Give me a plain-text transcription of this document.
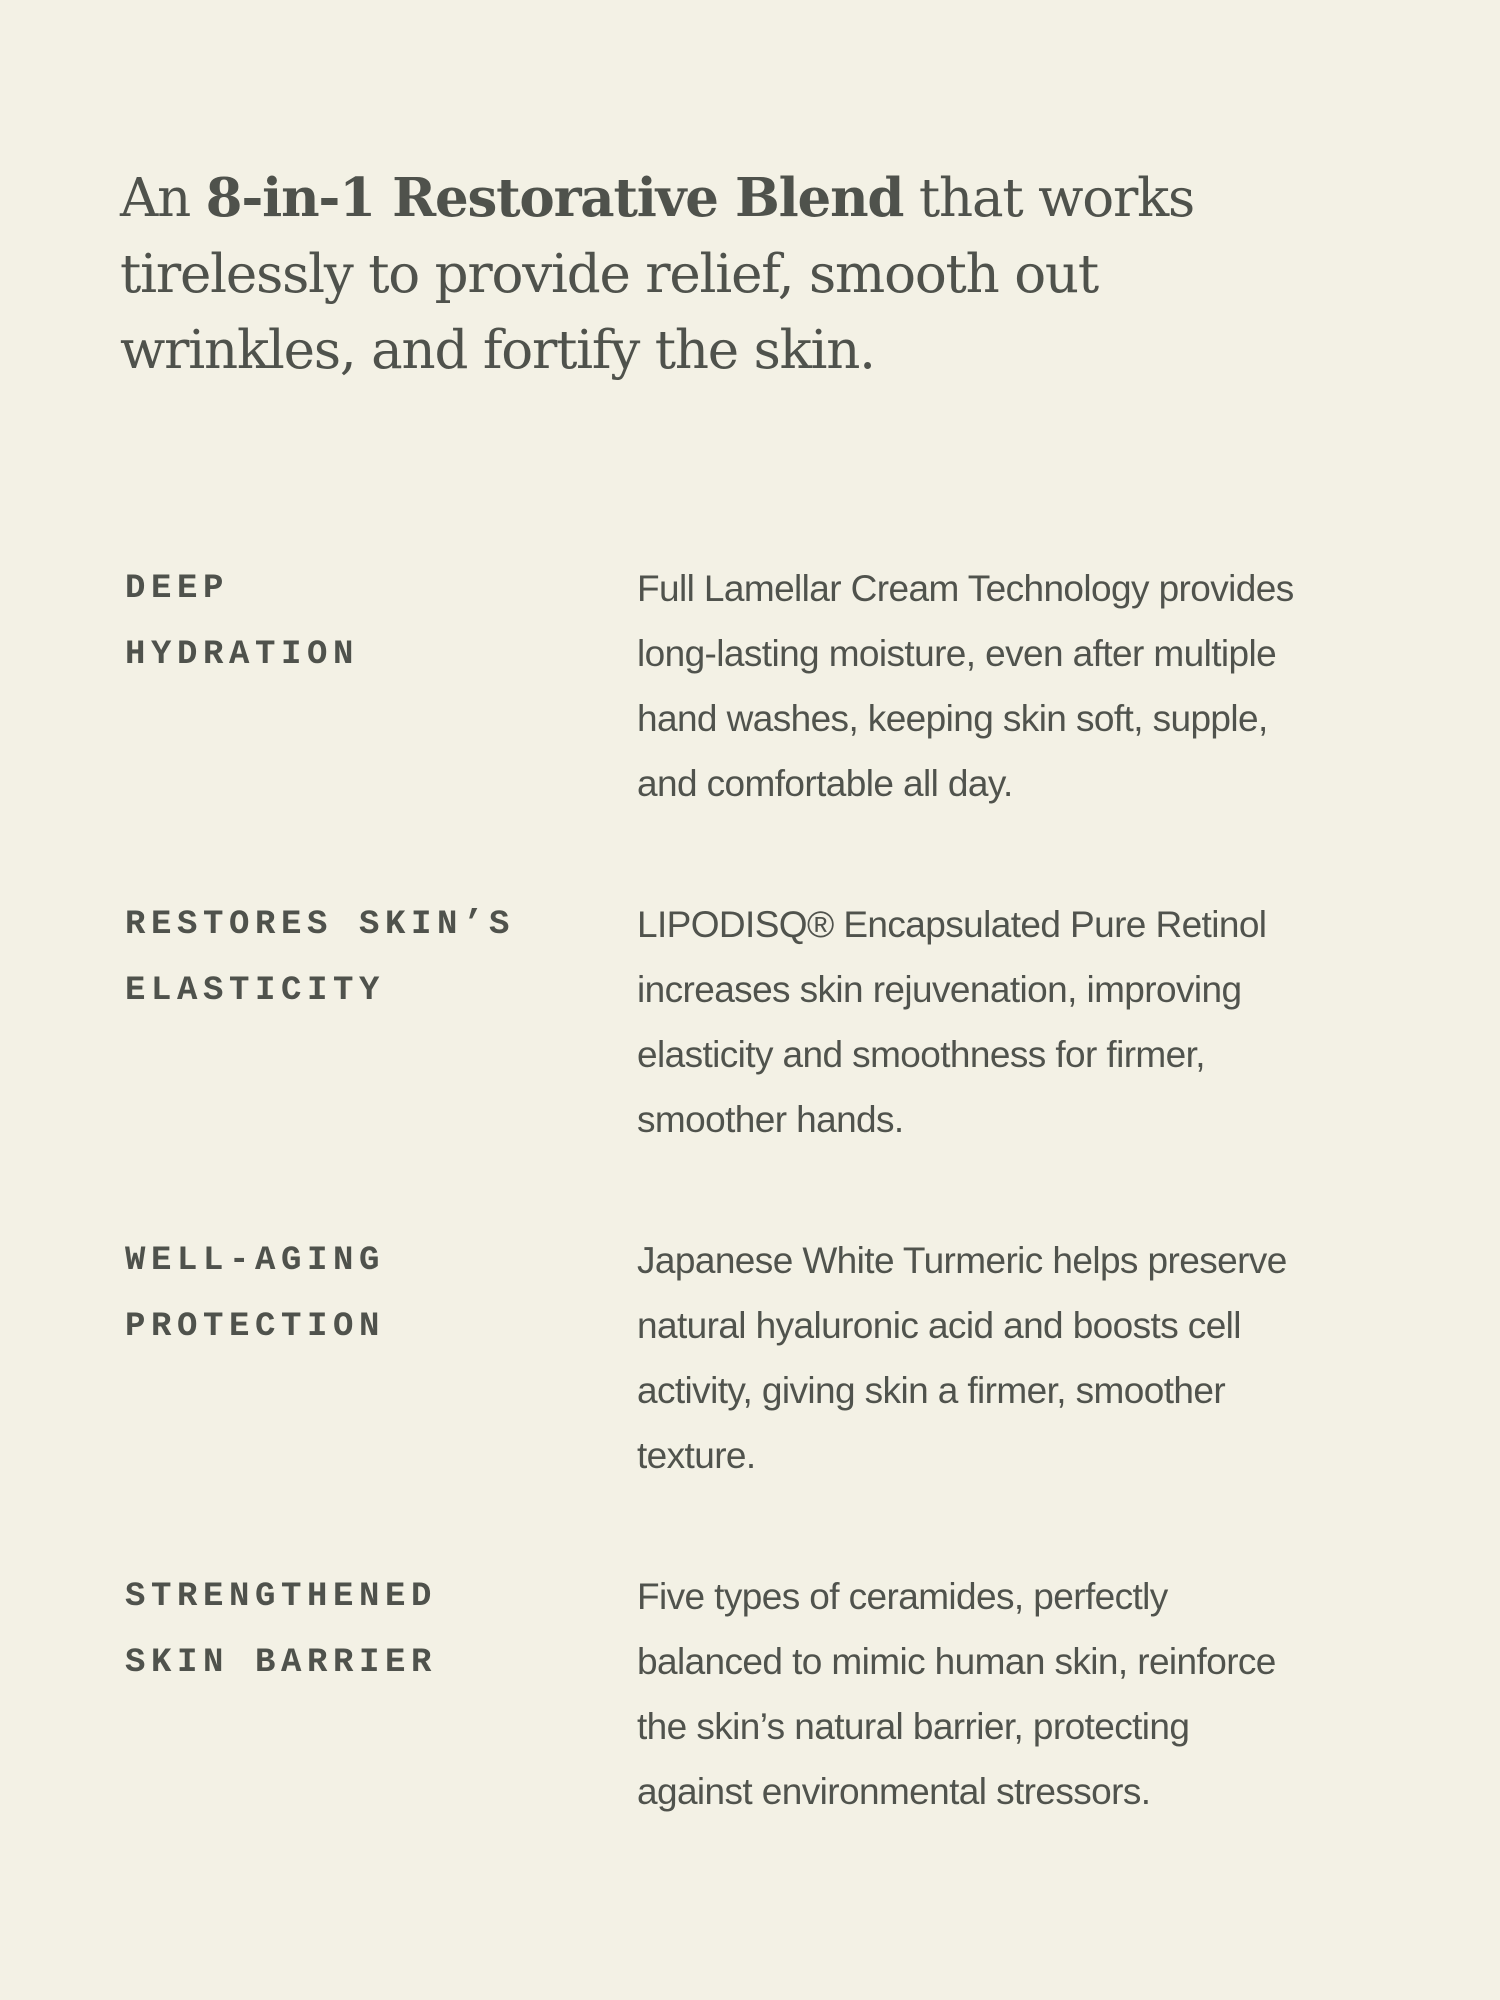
An 8-in-1 Restorative Blend that works
tirelessly to provide relief, smooth out
wrinkles, and fortify the skin.
DEEP
HYDRATION

Full Lamellar Cream Technology provides
long-lasting moisture, even after multiple
hand washes, keeping skin soft, supple,
and comfortable all day.

RESTORES SKIN’S
ELASTICITY

LIPODISQ® Encapsulated Pure Retinol
increases skin rejuvenation, improving
elasticity and smoothness for firmer,
smoother hands.

WELL-AGING
PROTECTION

Japanese White Turmeric helps preserve
natural hyaluronic acid and boosts cell
activity, giving skin a firmer, smoother
texture.

STRENGTHENED
SKIN BARRIER

Five types of ceramides, perfectly
balanced to mimic human skin, reinforce
the skin’s natural barrier, protecting
against environmental stressors.
